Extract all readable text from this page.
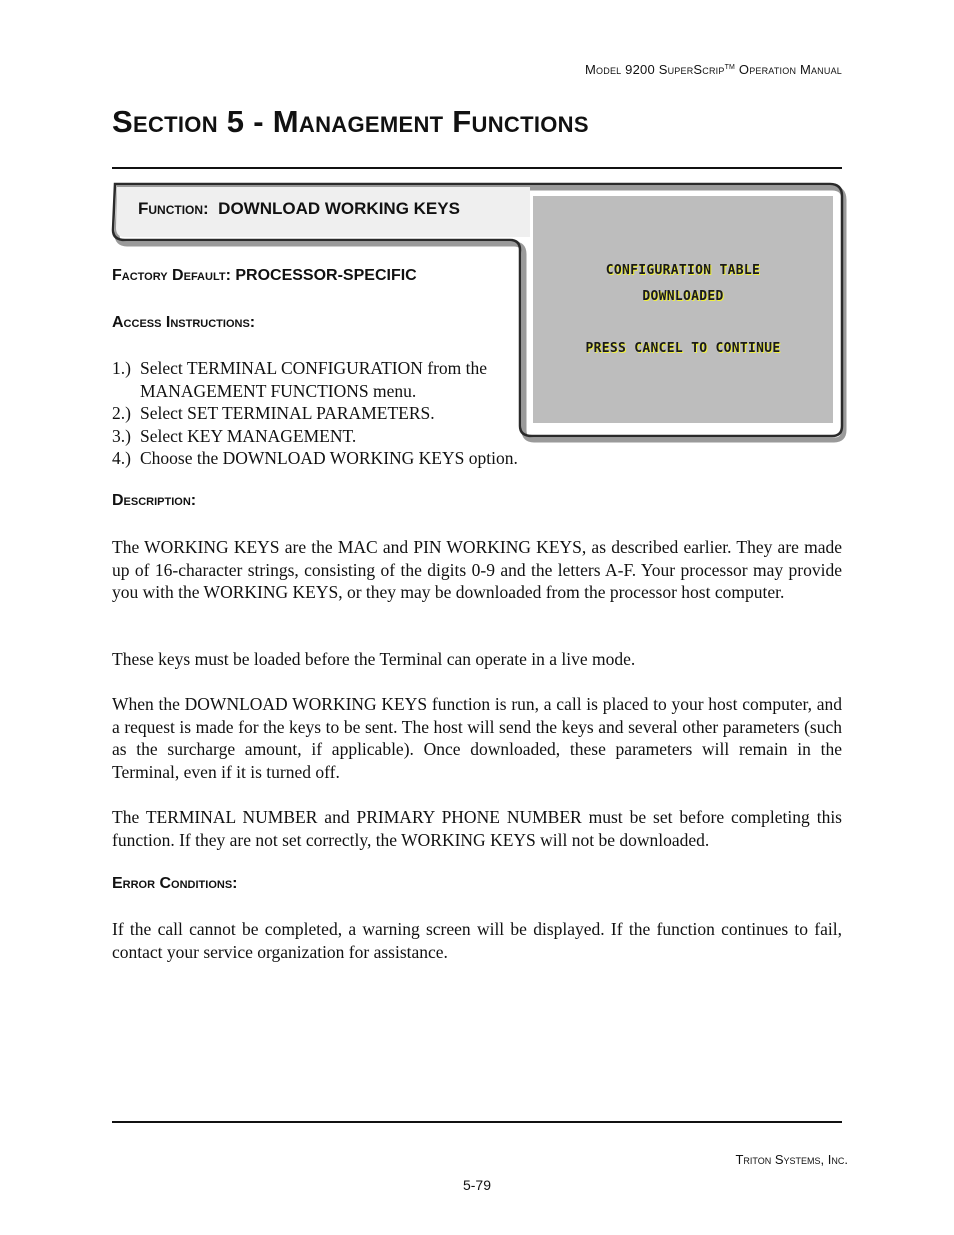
Model 9200 SuperScrip™ Operation Manual
Section 5 - Management Functions
Function: DOWNLOAD WORKING KEYS
CONFIGURATION TABLE
DOWNLOADED
PRESS CANCEL TO CONTINUE
Factory Default: PROCESSOR-SPECIFIC
Access Instructions:
1.) Select TERMINAL CONFIGURATION from the
MANAGEMENT FUNCTIONS menu.
2.) Select SET TERMINAL PARAMETERS.
3.) Select KEY MANAGEMENT.
4.) Choose the DOWNLOAD WORKING KEYS option.
Description:

The WORKING KEYS are the MAC and PIN WORKING KEYS, as described earlier. They are made up of 16-character strings, consisting of the digits 0-9 and the letters A-F. Your processor may provide you with the WORKING KEYS, or they may be downloaded from the processor host computer.

These keys must be loaded before the Terminal can operate in a live mode.

When the DOWNLOAD WORKING KEYS function is run, a call is placed to your host computer, and a request is made for the keys to be sent. The host will send the keys and several other parameters (such as the surcharge amount, if applicable). Once downloaded, these parameters will remain in the Terminal, even if it is turned off.

The TERMINAL NUMBER and PRIMARY PHONE NUMBER must be set before completing this function. If they are not set correctly, the WORKING KEYS will not be downloaded.

Error Conditions:

If the call cannot be completed, a warning screen will be displayed. If the function continues to fail, contact your service organization for assistance.

Triton Systems, Inc.
5-79
